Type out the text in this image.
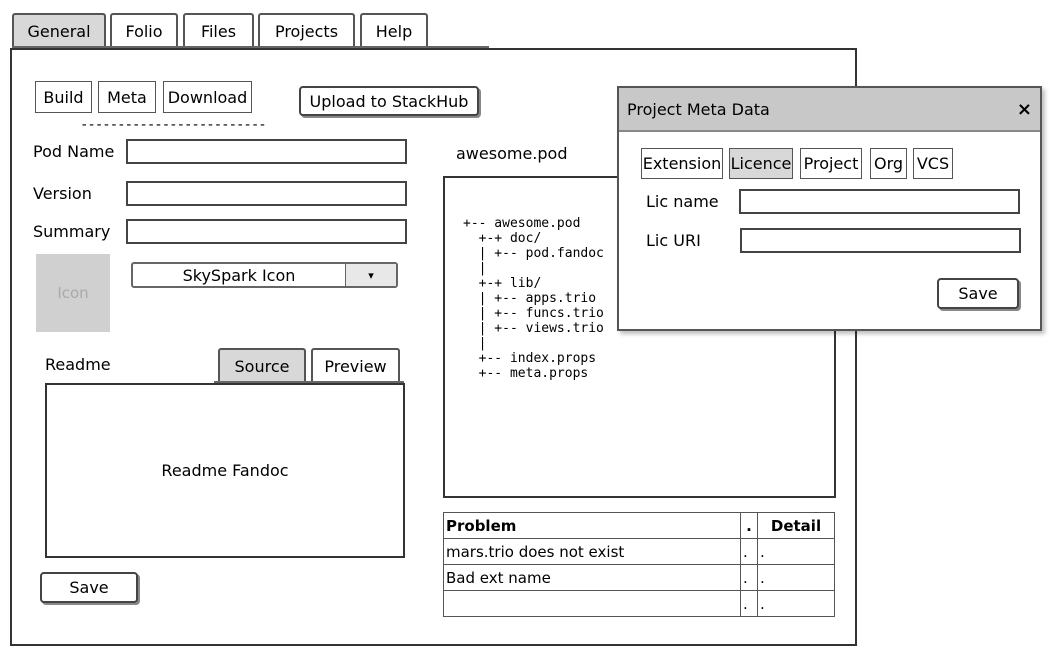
General Folio Files Projects Help
Build Meta Download
-------------------------
Upload to StackHub
Pod Name
Version
Summary
Icon
SkySpark Icon	▾
Readme	Source Preview
Readme Fandoc
Save
awesome.pod
+-- awesome.pod
+-+ doc/
| +-- pod.fandoc
|
+-+ lib/
| +-- apps.trio
| +-- funcs.trio
| +-- views.trio
|
+-- index.props
+-- meta.props
Problem	.	Detail
mars.trio does not exist	.	.
Bad ext name	.	.
	.	.
Project Meta Data	×
Extension Licence Project Org VCS
Lic name
Lic URI
Save
